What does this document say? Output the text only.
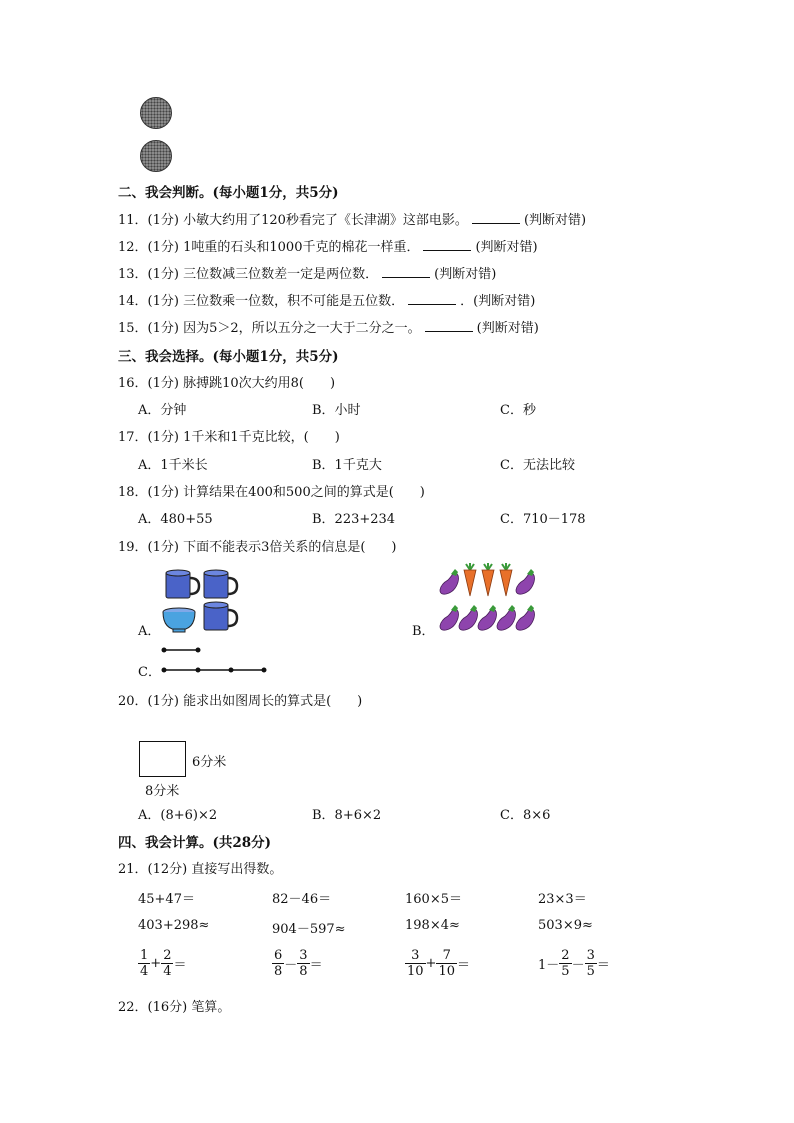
二、我会判断。(每小题1分，共5分)
11．(1分) 小敏大约用了120秒看完了《长津湖》这部电影。	(判断对错)
12．(1分) 1吨重的石头和1000千克的棉花一样重．	(判断对错)
13．(1分) 三位数减三位数差一定是两位数．	(判断对错)
14．(1分) 三位数乘一位数，积不可能是五位数．	．(判断对错)
15．(1分) 因为5＞2，所以五分之一大于二分之一。	(判断对错)
三、我会选择。(每小题1分，共5分)
16．(1分) 脉搏跳10次大约用8(　　)
A．分钟	B．小时	C．秒
17．(1分) 1千米和1千克比较，(　　)
A．1千米长	B．1千克大	C．无法比较
18．(1分) 计算结果在400和500之间的算式是(　　)
A．480+55	B．223+234	C．710－178
19．(1分) 下面不能表示3倍关系的信息是(　　)
A．	B．
C．
20．(1分) 能求出如图周长的算式是(　　)
6分米
8分米
A．(8+6)×2	B．8+6×2	C．8×6
四、我会计算。(共28分)
21．(12分) 直接写出得数。
45+47＝	82－46＝	160×5＝	23×3＝
403+298≈	904－597≈	198×4≈	503×9≈
$\frac{1}{4} + \frac{2}{4}$ ＝	$\frac{6}{8} - \frac{3}{8}$ ＝	$\frac{3}{10} + \frac{7}{10}$ ＝	$1- \frac{2}{5} - \frac{3}{5}$ ＝
22．(16分) 笔算。
